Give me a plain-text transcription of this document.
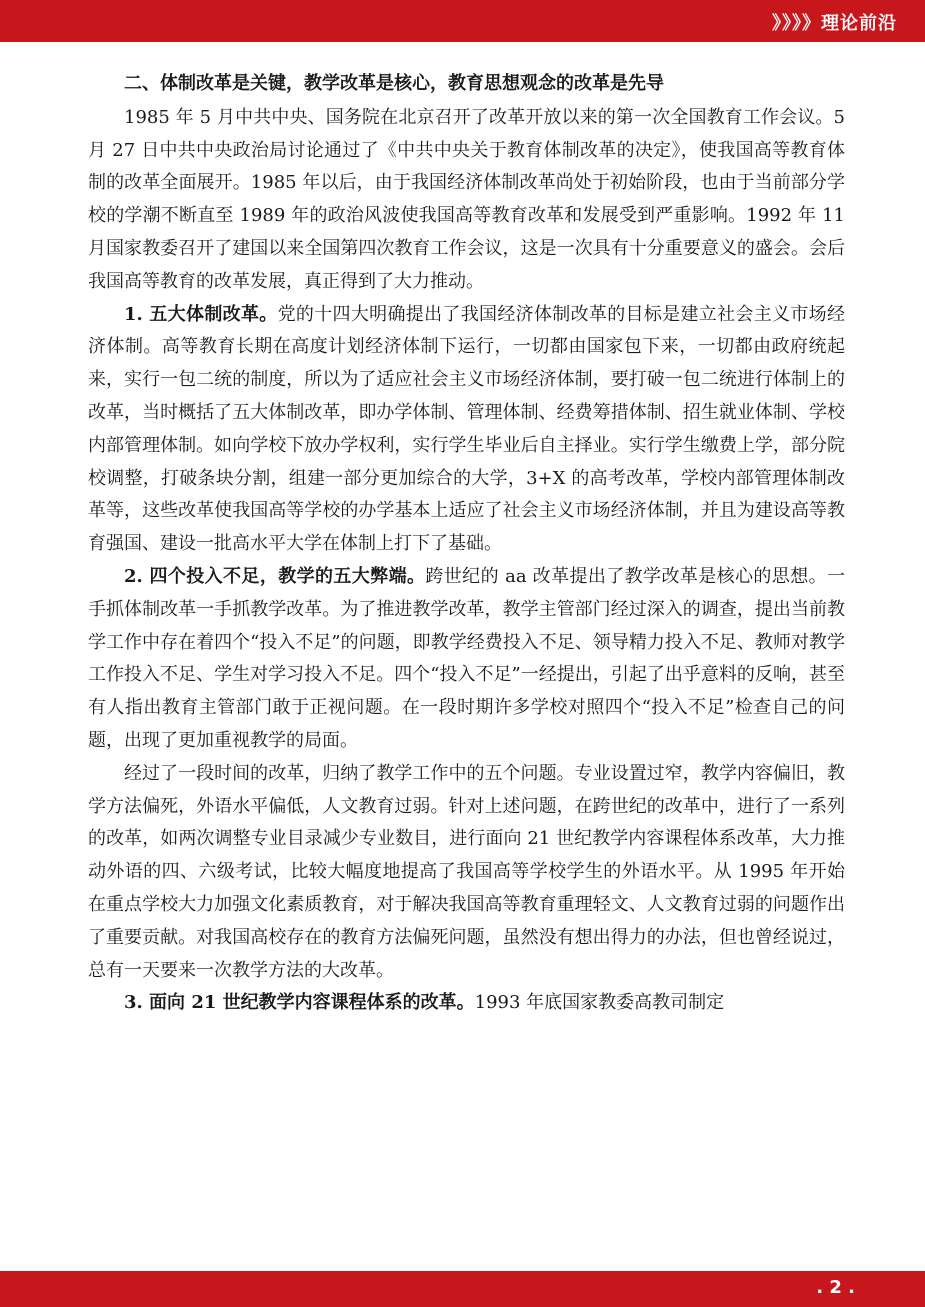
》》》》理论前沿

二、体制改革是关键，教学改革是核心，教育思想观念的改革是先导

1985 年 5 月中共中央、国务院在北京召开了改革开放以来的第一次全国教育工作会议。5 月 27 日中共中央政治局讨论通过了《中共中央关于教育体制改革的决定》，使我国高等教育体制的改革全面展开。1985 年以后，由于我国经济体制改革尚处于初始阶段，也由于当前部分学校的学潮不断直至 1989 年的政治风波使我国高等教育改革和发展受到严重影响。1992 年 11 月国家教委召开了建国以来全国第四次教育工作会议，这是一次具有十分重要意义的盛会。会后我国高等教育的改革发展，真正得到了大力推动。

1. 五大体制改革。党的十四大明确提出了我国经济体制改革的目标是建立社会主义市场经济体制。高等教育长期在高度计划经济体制下运行，一切都由国家包下来，一切都由政府统起来，实行一包二统的制度，所以为了适应社会主义市场经济体制，要打破一包二统进行体制上的改革，当时概括了五大体制改革，即办学体制、管理体制、经费筹措体制、招生就业体制、学校内部管理体制。如向学校下放办学权利，实行学生毕业后自主择业。实行学生缴费上学，部分院校调整，打破条块分割，组建一部分更加综合的大学，3+X 的高考改革，学校内部管理体制改革等，这些改革使我国高等学校的办学基本上适应了社会主义市场经济体制，并且为建设高等教育强国、建设一批高水平大学在体制上打下了基础。

2. 四个投入不足，教学的五大弊端。跨世纪的 aa 改革提出了教学改革是核心的思想。一手抓体制改革一手抓教学改革。为了推进教学改革，教学主管部门经过深入的调查，提出当前教学工作中存在着四个“投入不足”的问题，即教学经费投入不足、领导精力投入不足、教师对教学工作投入不足、学生对学习投入不足。四个“投入不足”一经提出，引起了出乎意料的反响，甚至有人指出教育主管部门敢于正视问题。在一段时期许多学校对照四个“投入不足”检查自己的问题，出现了更加重视教学的局面。

经过了一段时间的改革，归纳了教学工作中的五个问题。专业设置过窄，教学内容偏旧，教学方法偏死，外语水平偏低，人文教育过弱。针对上述问题，在跨世纪的改革中，进行了一系列的改革，如两次调整专业目录减少专业数目，进行面向 21 世纪教学内容课程体系改革，大力推动外语的四、六级考试，比较大幅度地提高了我国高等学校学生的外语水平。从 1995 年开始在重点学校大力加强文化素质教育，对于解决我国高等教育重理轻文、人文教育过弱的问题作出了重要贡献。对我国高校存在的教育方法偏死问题，虽然没有想出得力的办法，但也曾经说过，总有一天要来一次教学方法的大改革。

3. 面向 21 世纪教学内容课程体系的改革。1993 年底国家教委高教司制定

. 2 .
